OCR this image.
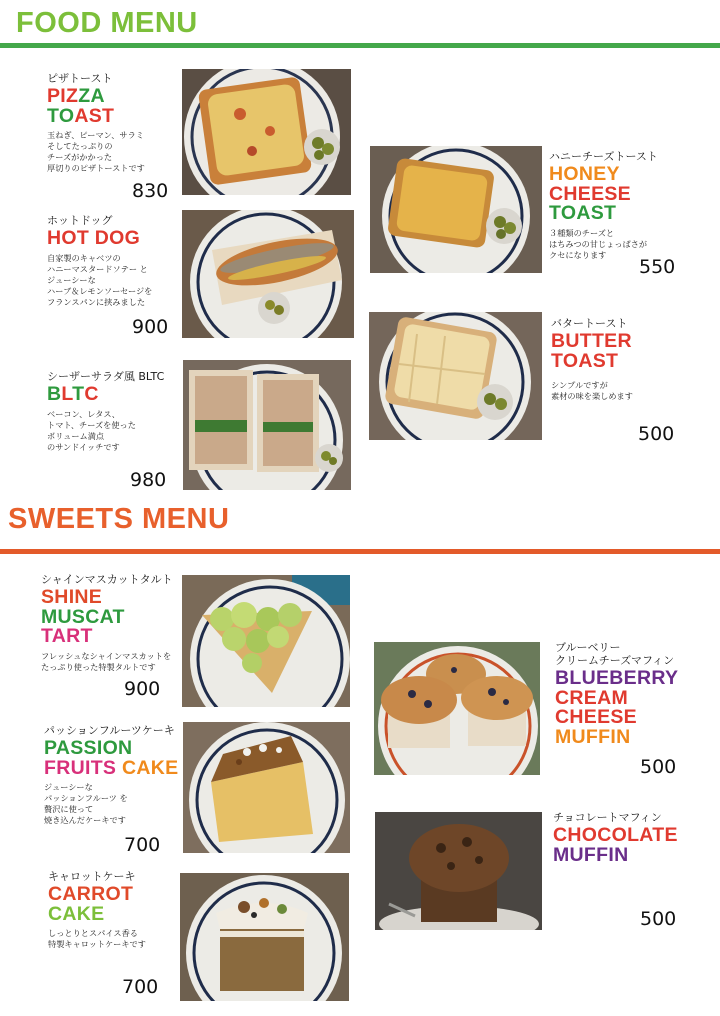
FOOD MENU
ピザトースト
PIZZA
TOAST
玉ねぎ、ピーマン、サラミ
そしてたっぷりの
チーズがかかった
厚切りのピザトーストです
830
ホットドッグ
HOT DOG
自家製のキャベツの
ハニーマスタードソテー と
ジューシーな
ハーブ＆レモンソーセージを
フランスパンに挟みました
900
シーザーサラダ風 BLTC
BLTC
ベーコン、レタス、
トマト、チーズを使った
ボリューム満点
のサンドイッチです
980
ハニーチーズトースト
HONEY
CHEESE
TOAST
３種類のチーズと
はちみつの甘じょっぱさが
クセになります
550
バタートースト
BUTTER
TOAST
シンプルですが
素材の味を楽しめます
500
SWEETS MENU
シャインマスカットタルト
SHINE
MUSCAT
TART
フレッシュなシャインマスカットを
たっぷり使った特製タルトです
900
パッションフルーツケーキ
PASSION
FRUITS CAKE
ジューシーな
パッションフルーツ を
贅沢に使って
焼き込んだケーキです
700
キャロットケーキ
CARROT
CAKE
しっとりとスパイス香る
特製キャロットケーキです
700
ブルーベリー
クリームチーズマフィン
BLUEBERRY
CREAM
CHEESE
MUFFIN
500
チョコレートマフィン
CHOCOLATE
MUFFIN
500
